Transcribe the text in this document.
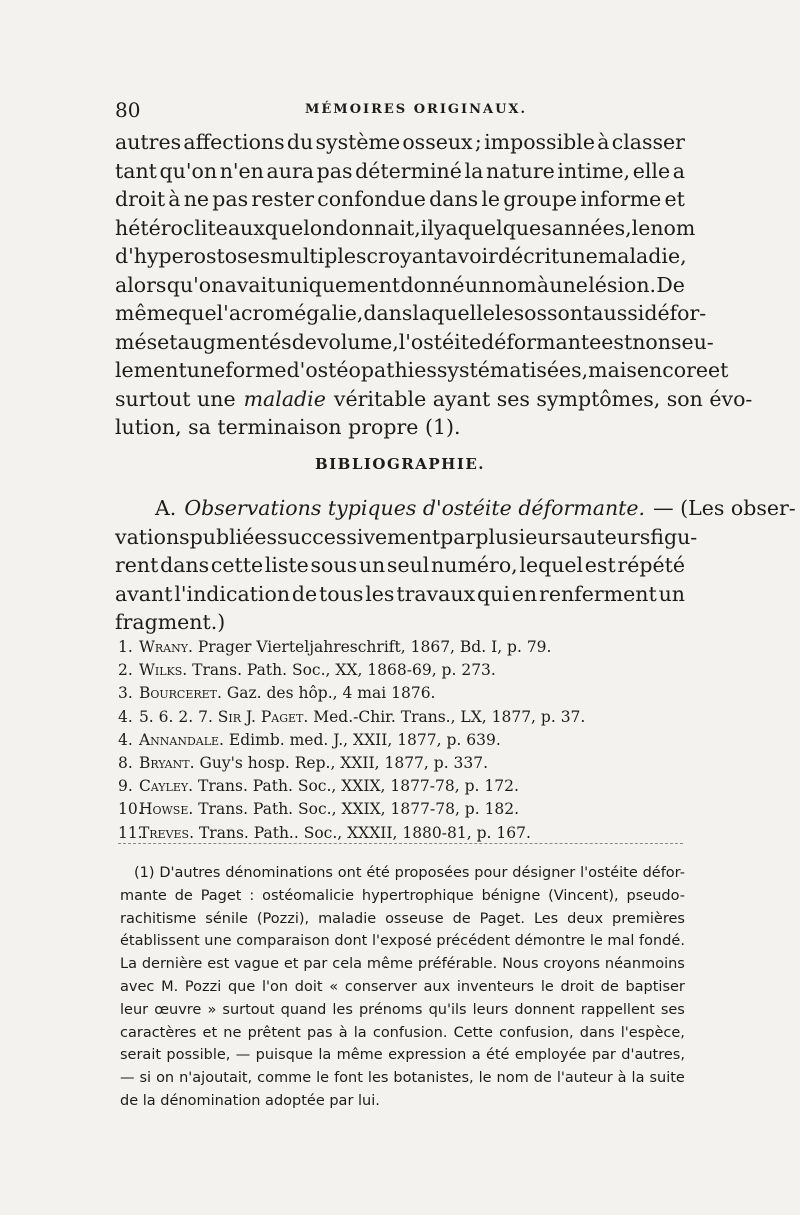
80	MÉMOIRES ORIGINAUX.
autres affections du système osseux ; impossible à classer
tant qu'on n'en aura pas déterminé la nature intime, elle a
droit à ne pas rester confondue dans le groupe informe et
hétéroclite auxquel on donnait, il y a quelques années, le nom
d'hyperostoses multiples croyant avoir décrit une maladie,
alors qu'on avait uniquement donné un nom à une lésion. De
même que l'acromégalie,dans laquelle les os sont aussi défor-
més et augmentés de volume,l'ostéite déformante est non seu-
lement une forme d'ostéopathies systématisées,mais encore et
surtout une maladie véritable ayant ses symptômes, son évo-
lution, sa terminaison propre (1).
BIBLIOGRAPHIE.
A. Observations typiques d'ostéite déformante. — (Les obser-
vations publiées successivement par plusieurs auteurs figu-
rent dans cette liste sous un seul numéro, lequel est répété
avant l'indication de tous les travaux qui en renferment un
fragment.)
1. Wrany. Prager Vierteljahreschrift, 1867, Bd. I, p. 79.
2. Wilks. Trans. Path. Soc., XX, 1868-69, p. 273.
3. Bourceret. Gaz. des hôp., 4 mai 1876.
4. 5. 6. 2. 7. Sir J. Paget. Med.-Chir. Trans., LX, 1877, p. 37.
4. Annandale. Edimb. med. J., XXII, 1877, p. 639.
8. Bryant. Guy's hosp. Rep., XXII, 1877, p. 337.
9. Cayley. Trans. Path. Soc., XXIX, 1877-78, p. 172.
10. Howse. Trans. Path. Soc., XXIX, 1877-78, p. 182.
11. Treves. Trans. Path.. Soc., XXXII, 1880-81, p. 167.
(1) D'autres dénominations ont été proposées pour désigner l'ostéite défor-
mante de Paget : ostéomalicie hypertrophique bénigne (Vincent), pseudo-
rachitisme sénile (Pozzi), maladie osseuse de Paget. Les deux premières
établissent une comparaison dont l'exposé précédent démontre le mal fondé.
La dernière est vague et par cela même préférable. Nous croyons néanmoins
avec M. Pozzi que l'on doit « conserver aux inventeurs le droit de baptiser
leur œuvre » surtout quand les prénoms qu'ils leurs donnent rappellent ses
caractères et ne prêtent pas à la confusion. Cette confusion, dans l'espèce,
serait possible, — puisque la même expression a été employée par d'autres,
— si on n'ajoutait, comme le font les botanistes, le nom de l'auteur à la suite
de la dénomination adoptée par lui.
